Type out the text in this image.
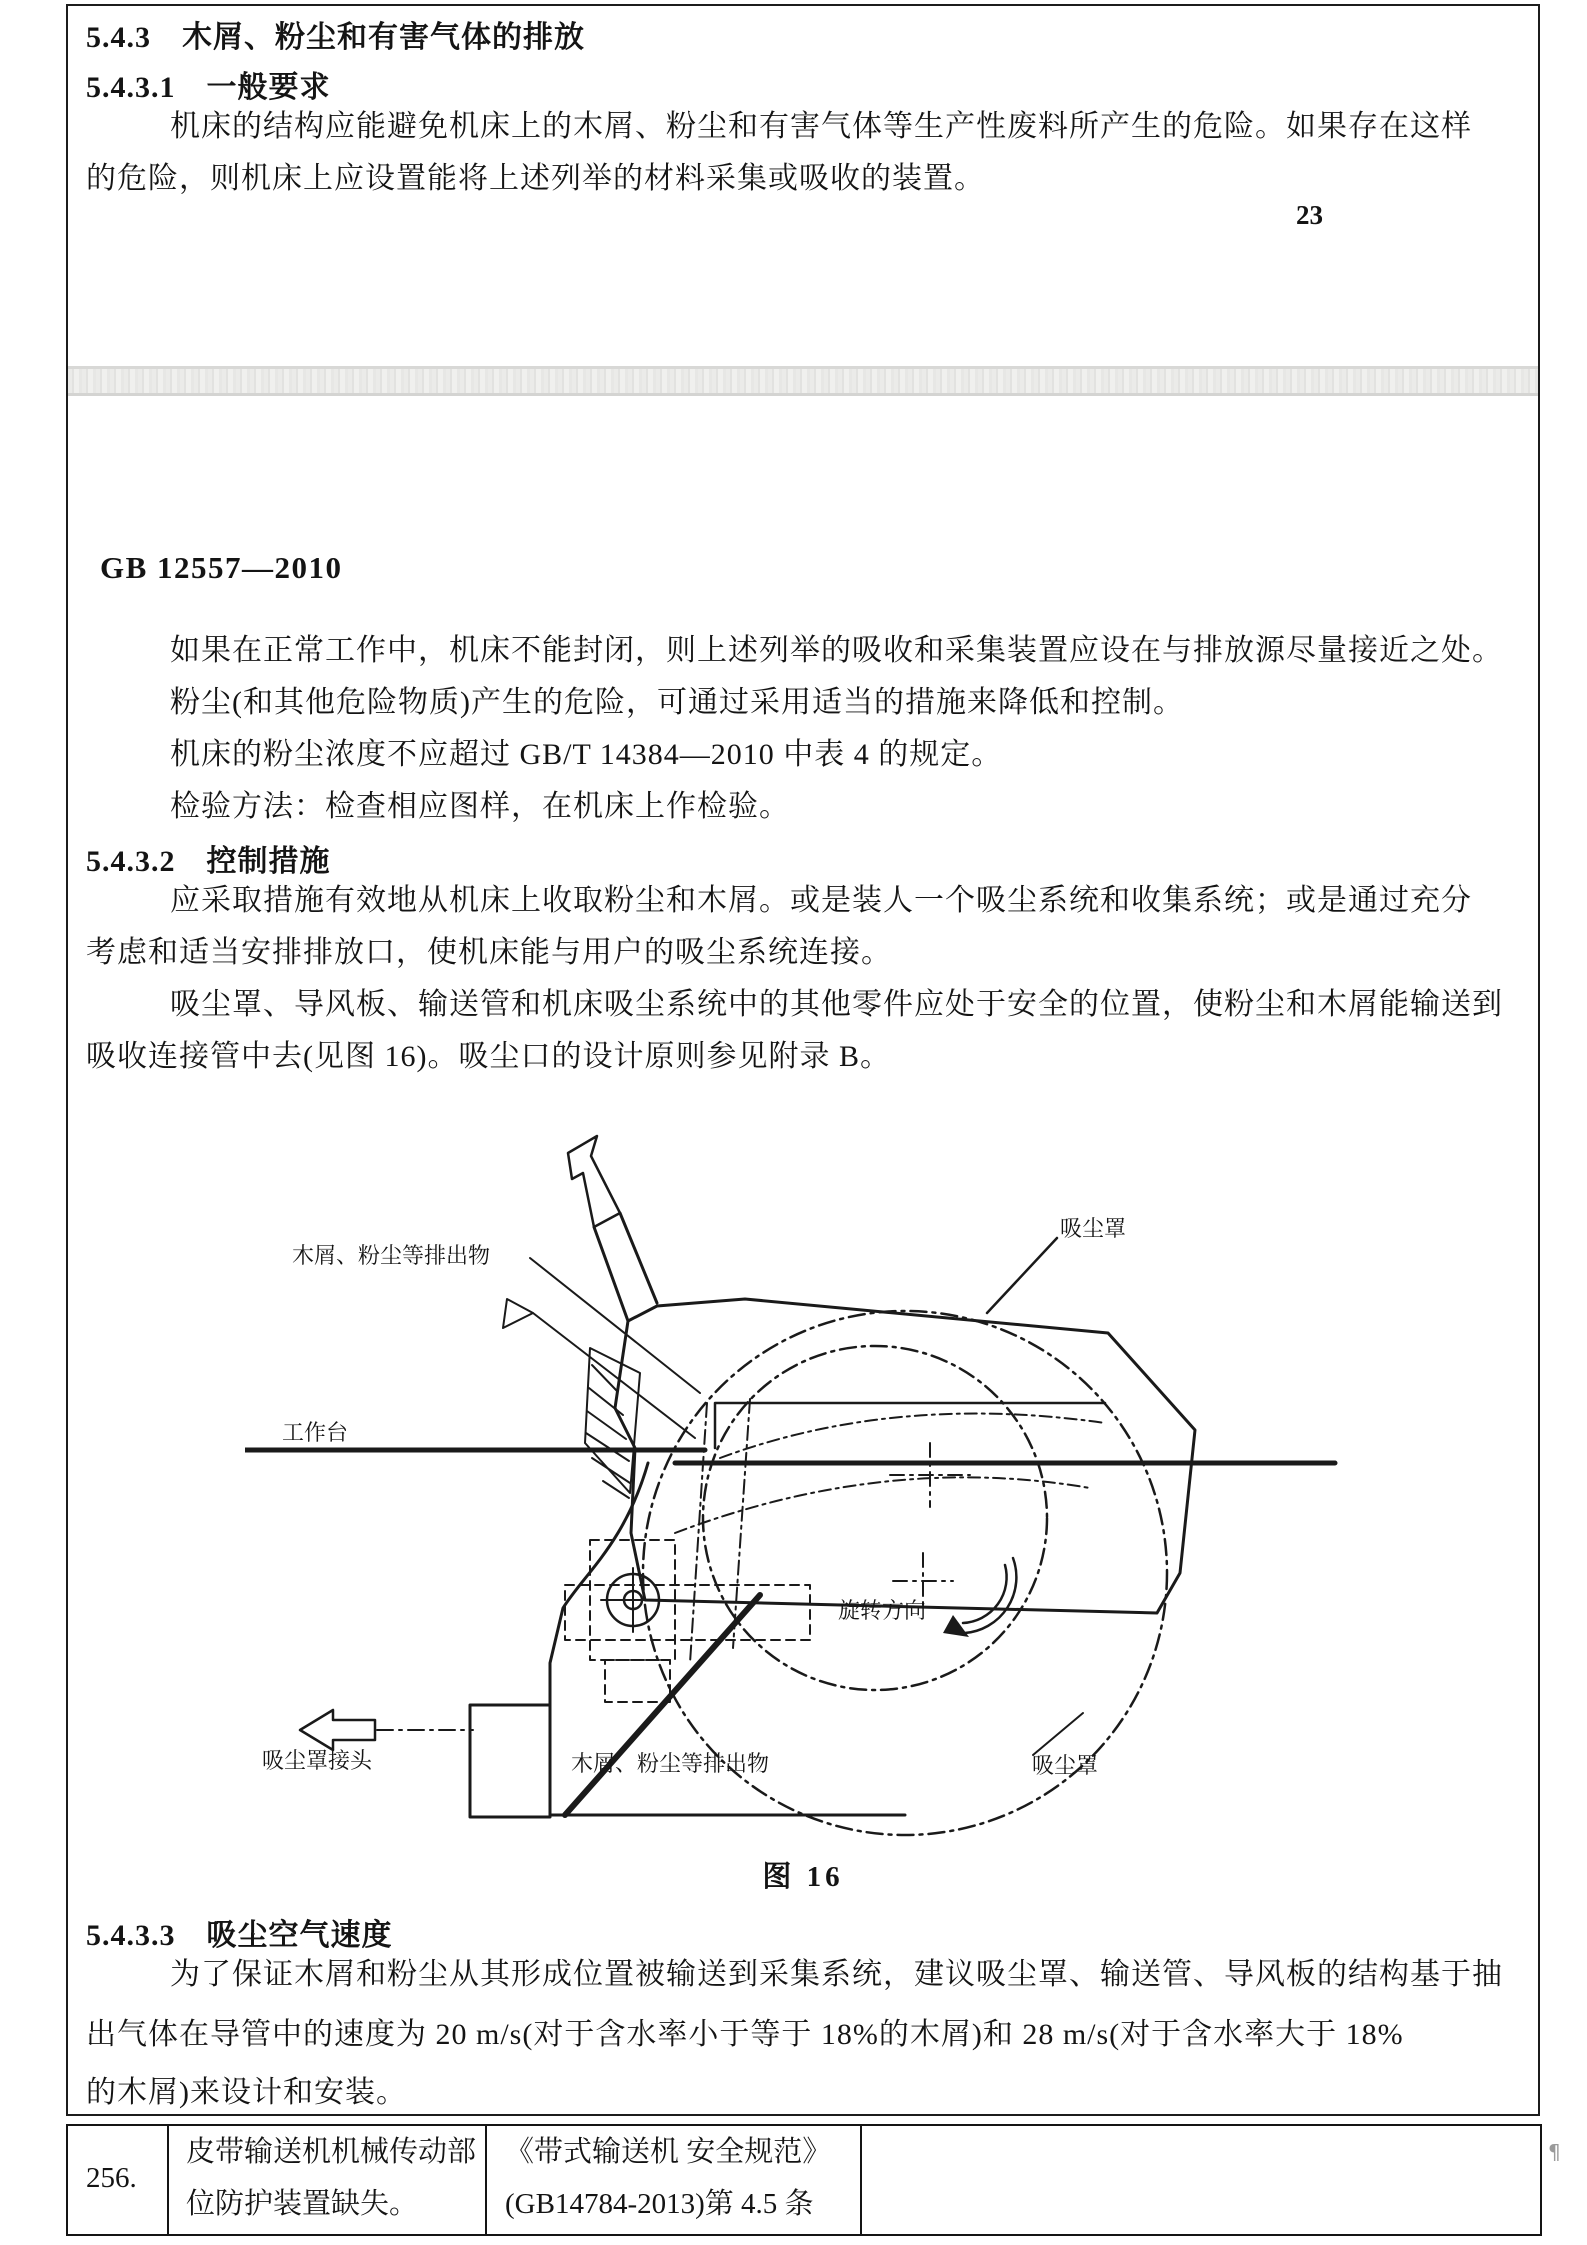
5.4.3　木屑、粉尘和有害气体的排放
5.4.3.1　一般要求
机床的结构应能避免机床上的木屑、粉尘和有害气体等生产性废料所产生的危险。如果存在这样
的危险，则机床上应设置能将上述列举的材料采集或吸收的装置。
23
GB 12557—2010
如果在正常工作中，机床不能封闭，则上述列举的吸收和采集装置应设在与排放源尽量接近之处。
粉尘(和其他危险物质)产生的危险，可通过采用适当的措施来降低和控制。
机床的粉尘浓度不应超过 GB/T 14384—2010 中表 4 的规定。
检验方法：检查相应图样，在机床上作检验。
5.4.3.2　控制措施
应采取措施有效地从机床上收取粉尘和木屑。或是装人一个吸尘系统和收集系统；或是通过充分
考虑和适当安排排放口，使机床能与用户的吸尘系统连接。
吸尘罩、导风板、输送管和机床吸尘系统中的其他零件应处于安全的位置，使粉尘和木屑能输送到
吸收连接管中去(见图 16)。吸尘口的设计原则参见附录 B。
木屑、粉尘等排出物
吸尘罩
工作台
旋转方向
吸尘罩接头	木屑、粉尘等排出物	吸尘罩
图 16
5.4.3.3　吸尘空气速度
为了保证木屑和粉尘从其形成位置被输送到采集系统，建议吸尘罩、输送管、导风板的结构基于抽
出气体在导管中的速度为 20 m/s(对于含水率小于等于 18%的木屑)和 28 m/s(对于含水率大于 18%
的木屑)来设计和安装。
256.
皮带输送机机械传动部
位防护装置缺失。
《带式输送机 安全规范》
(GB14784-2013)第 4.5 条
¶
